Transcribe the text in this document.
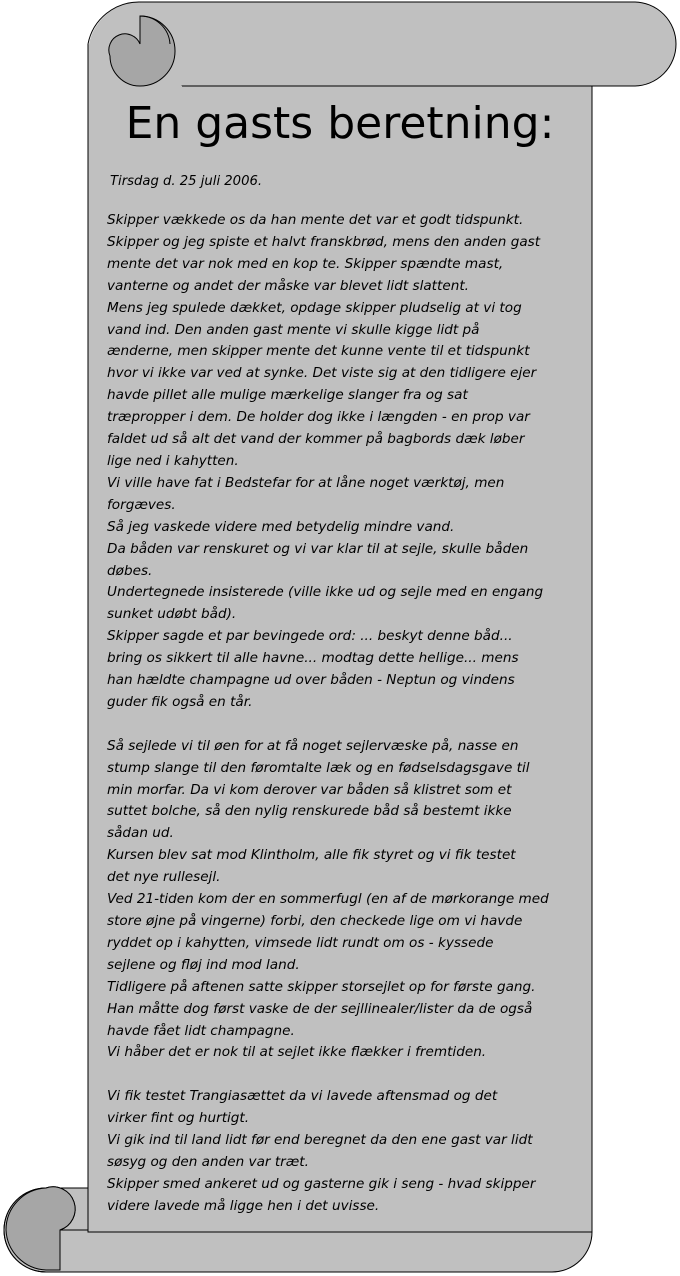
En gasts beretning:
Tirsdag d. 25 juli 2006.
Skipper vækkede os da han mente det var et godt tidspunkt.
Skipper og jeg spiste et halvt franskbrød, mens den anden gast
mente det var nok med en kop te. Skipper spændte mast,
vanterne og andet der måske var blevet lidt slattent.
Mens jeg spulede dækket, opdage skipper pludselig at vi tog
vand ind. Den anden gast mente vi skulle kigge lidt på
ænderne, men skipper mente det kunne vente til et tidspunkt
hvor vi ikke var ved at synke. Det viste sig at den tidligere ejer
havde pillet alle mulige mærkelige slanger fra og sat
træpropper i dem. De holder dog ikke i længden - en prop var
faldet ud så alt det vand der kommer på bagbords dæk løber
lige ned i kahytten.
Vi ville have fat i Bedstefar for at låne noget værktøj, men
forgæves.
Så jeg vaskede videre med betydelig mindre vand.
Da båden var renskuret og vi var klar til at sejle, skulle båden
døbes.
Undertegnede insisterede (ville ikke ud og sejle med en engang
sunket udøbt båd).
Skipper sagde et par bevingede ord: ... beskyt denne båd...
bring os sikkert til alle havne... modtag dette hellige... mens
han hældte champagne ud over båden - Neptun og vindens
guder fik også en tår.
Så sejlede vi til øen for at få noget sejlervæske på, nasse en
stump slange til den føromtalte læk og en fødselsdagsgave til
min morfar. Da vi kom derover var båden så klistret som et
suttet bolche, så den nylig renskurede båd så bestemt ikke
sådan ud.
Kursen blev sat mod Klintholm, alle fik styret og vi fik testet
det nye rullesejl.
Ved 21-tiden kom der en sommerfugl (en af de mørkorange med
store øjne på vingerne) forbi, den checkede lige om vi havde
ryddet op i kahytten, vimsede lidt rundt om os - kyssede
sejlene og fløj ind mod land.
Tidligere på aftenen satte skipper storsejlet op for første gang.
Han måtte dog først vaske de der sejllinealer/lister da de også
havde fået lidt champagne.
Vi håber det er nok til at sejlet ikke flækker i fremtiden.
Vi fik testet Trangiasættet da vi lavede aftensmad og det
virker fint og hurtigt.
Vi gik ind til land lidt før end beregnet da den ene gast var lidt
søsyg og den anden var træt.
Skipper smed ankeret ud og gasterne gik i seng - hvad skipper
videre lavede må ligge hen i det uvisse.
